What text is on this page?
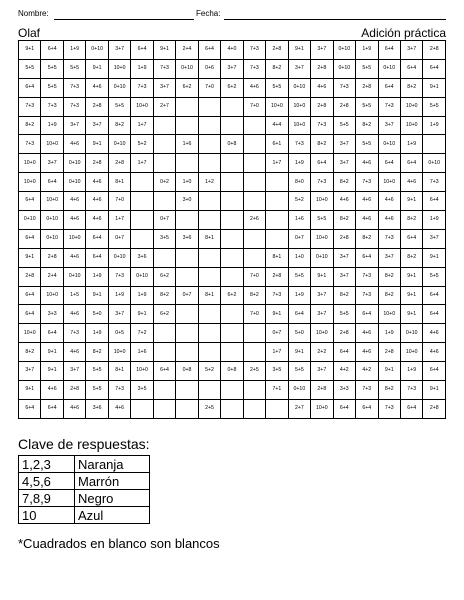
Nombre:	Fecha:
Olaf	Adición práctica
9+1	6+4	1+9	0+10	3+7	6+4	9+1	2+4	6+4	4+0	7+3	2+8	9+1	3+7	0+10	1+9	6+4	3+7	2+8
5+5	5+5	5+5	9+1	10+0	1+9	7+3	0+10	0+6	3+7	7+3	8+2	3+7	2+8	0+10	5+5	0+10	6+4	6+4
6+4	5+5	7+3	4+6	0+10	7+3	3+7	6+2	7+0	6+2	4+6	5+5	0+10	4+6	7+3	2+8	6+4	8+2	9+1
7+3	7+3	7+3	2+8	5+5	10+0	2+7				7+0	10+0	10+0	2+8	2+8	5+5	7+3	10+0	5+5
8+2	1+9	3+7	3+7	8+2	1+7						4+4	10+0	7+3	5+5	8+2	3+7	10+0	1+9
7+3	10+0	4+6	9+1	0+10	5+2		1+6		0+8		6+1	7+3	8+2	3+7	5+5	0+10	1+9	
10+0	3+7	0+10	2+8	2+8	1+7						1+7	1+9	6+4	3+7	4+6	6+4	6+4	0+10
10+0	6+4	0+10	4+6	8+1		0+2	1+0	1+2				8+0	7+3	8+2	7+3	10+0	4+6	7+3
6+4	10+0	4+6	4+6	7+0			3+0					5+2	10+0	4+6	4+6	4+6	9+1	6+4
0+10	0+10	4+6	4+6	1+7		0+7				2+6		1+6	5+5	8+2	4+6	4+6	8+2	1+9
6+4	0+10	10+0	6+4	0+7		3+5	3+6	8+1				0+7	10+0	2+8	8+2	7+3	6+4	3+7
9+1	2+8	4+6	6+4	0+10	3+6						8+1	1+0	0+10	3+7	6+4	3+7	8+2	9+1
2+8	2+4	0+10	1+9	7+3	0+10	6+2				7+0	2+8	5+5	9+1	3+7	7+3	8+2	9+1	5+5
6+4	10+0	1+5	9+1	1+9	1+9	8+2	0+7	8+1	6+2	8+2	7+3	1+9	3+7	8+2	7+3	8+2	9+1	6+4
6+4	3+3	4+6	5+0	3+7	9+1	6+2				7+0	9+1	6+4	3+7	5+5	6+4	10+0	9+1	6+4
10+0	6+4	7+3	1+9	0+5	7+2						0+7	5+0	10+0	2+8	4+6	1+9	0+10	4+6
8+2	9+1	4+6	8+2	10+0	1+6						1+7	9+1	2+2	6+4	4+6	2+8	10+0	4+6
3+7	9+1	3+7	5+5	8+1	10+0	6+4	0+8	5+2	0+8	2+5	3+5	5+5	3+7	4+2	4+2	9+1	1+9	6+4
9+1	4+6	2+8	5+5	7+3	3+5						7+1	0+10	2+8	3+3	7+3	8+2	7+3	9+1
6+4	6+4	4+6	3+6	4+6				2+5				2+7	10+0	6+4	6+4	7+3	6+4	2+8
Clave de respuestas:
1,2,3	Naranja
4,5,6	Marrón
7,8,9	Negro
10	Azul
*Cuadrados en blanco son blancos
